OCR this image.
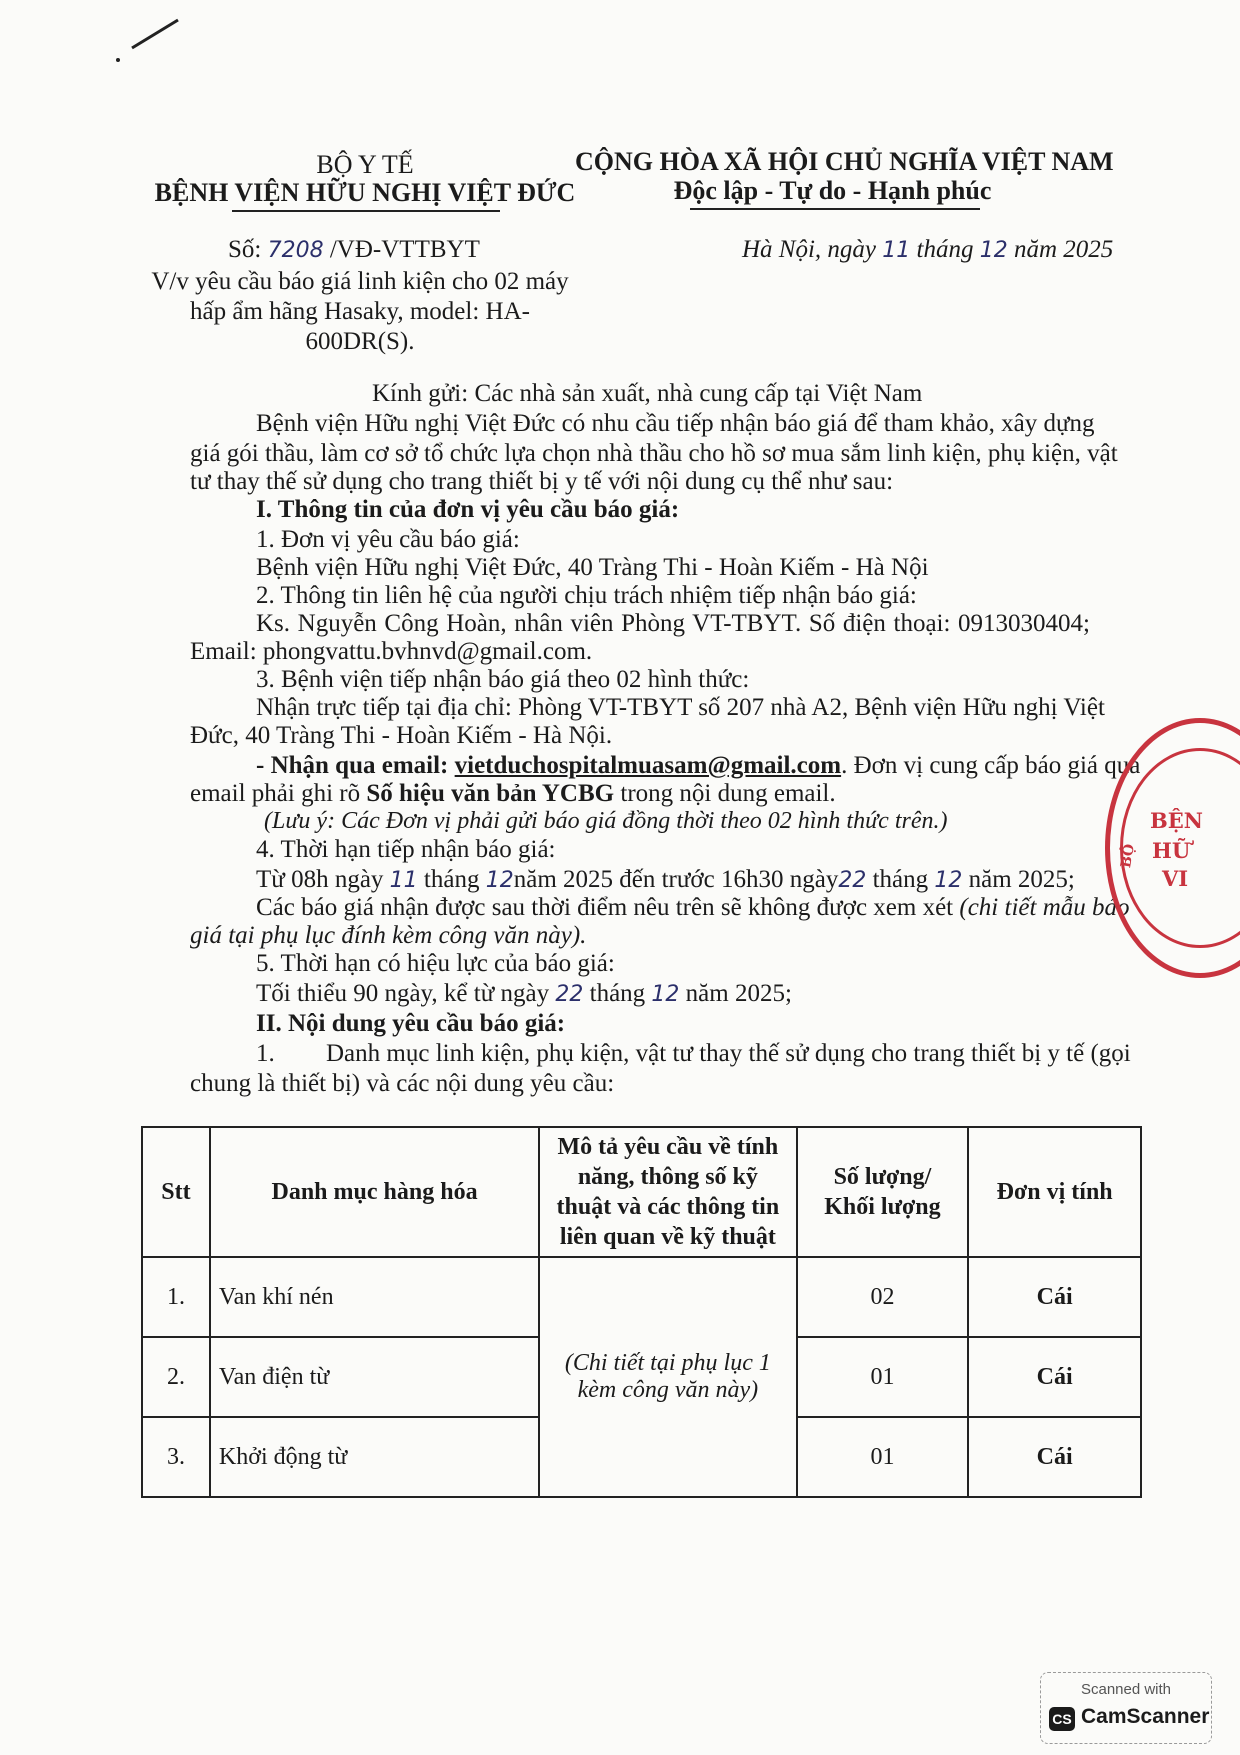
BỘ Y TẾ
BỆNH VIỆN HỮU NGHỊ VIỆT ĐỨC
CỘNG HÒA XÃ HỘI CHỦ NGHĨA VIỆT NAM
Độc lập - Tự do - Hạnh phúc
Số: 7208 /VĐ-VTTBYT	Hà Nội, ngày 11 tháng 12 năm 2025
V/v yêu cầu báo giá linh kiện cho 02 máy
hấp ẩm hãng Hasaky, model: HA-
600DR(S).
Kính gửi: Các nhà sản xuất, nhà cung cấp tại Việt Nam
Bệnh viện Hữu nghị Việt Đức có nhu cầu tiếp nhận báo giá để tham khảo, xây dựng
giá gói thầu, làm cơ sở tổ chức lựa chọn nhà thầu cho hồ sơ mua sắm linh kiện, phụ kiện, vật
tư thay thế sử dụng cho trang thiết bị y tế với nội dung cụ thể như sau:
I. Thông tin của đơn vị yêu cầu báo giá:
1. Đơn vị yêu cầu báo giá:
Bệnh viện Hữu nghị Việt Đức, 40 Tràng Thi - Hoàn Kiếm - Hà Nội
2. Thông tin liên hệ của người chịu trách nhiệm tiếp nhận báo giá:
Ks. Nguyễn Công Hoàn, nhân viên Phòng VT-TBYT. Số điện thoại: 0913030404;
Email: phongvattu.bvhnvd@gmail.com.
3. Bệnh viện tiếp nhận báo giá theo 02 hình thức:
Nhận trực tiếp tại địa chỉ: Phòng VT-TBYT số 207 nhà A2, Bệnh viện Hữu nghị Việt
Đức, 40 Tràng Thi - Hoàn Kiếm - Hà Nội.
- Nhận qua email: vietduchospitalmuasam@gmail.com. Đơn vị cung cấp báo giá qua
email phải ghi rõ Số hiệu văn bản YCBG trong nội dung email.
(Lưu ý: Các Đơn vị phải gửi báo giá đồng thời theo 02 hình thức trên.)
4. Thời hạn tiếp nhận báo giá:
Từ 08h ngày 11 tháng 12năm 2025 đến trước 16h30 ngày22 tháng 12 năm 2025;
Các báo giá nhận được sau thời điểm nêu trên sẽ không được xem xét (chi tiết mẫu báo
giá tại phụ lục đính kèm công văn này).
5. Thời hạn có hiệu lực của báo giá:
Tối thiểu 90 ngày, kể từ ngày 22 tháng 12 năm 2025;
II. Nội dung yêu cầu báo giá:
1. Danh mục linh kiện, phụ kiện, vật tư thay thế sử dụng cho trang thiết bị y tế (gọi
chung là thiết bị) và các nội dung yêu cầu:
Stt	Danh mục hàng hóa	Mô tả yêu cầu về tính năng, thông số kỹ thuật và các thông tin liên quan về kỹ thuật	Số lượng/ Khối lượng	Đơn vị tính
1.	Van khí nén	(Chi tiết tại phụ lục 1 kèm công văn này)	02	Cái
2.	Van điện từ		01	Cái
3.	Khởi động từ		01	Cái
BỆN
HỮ
VI
BỘ
Scanned with
CS CamScanner
